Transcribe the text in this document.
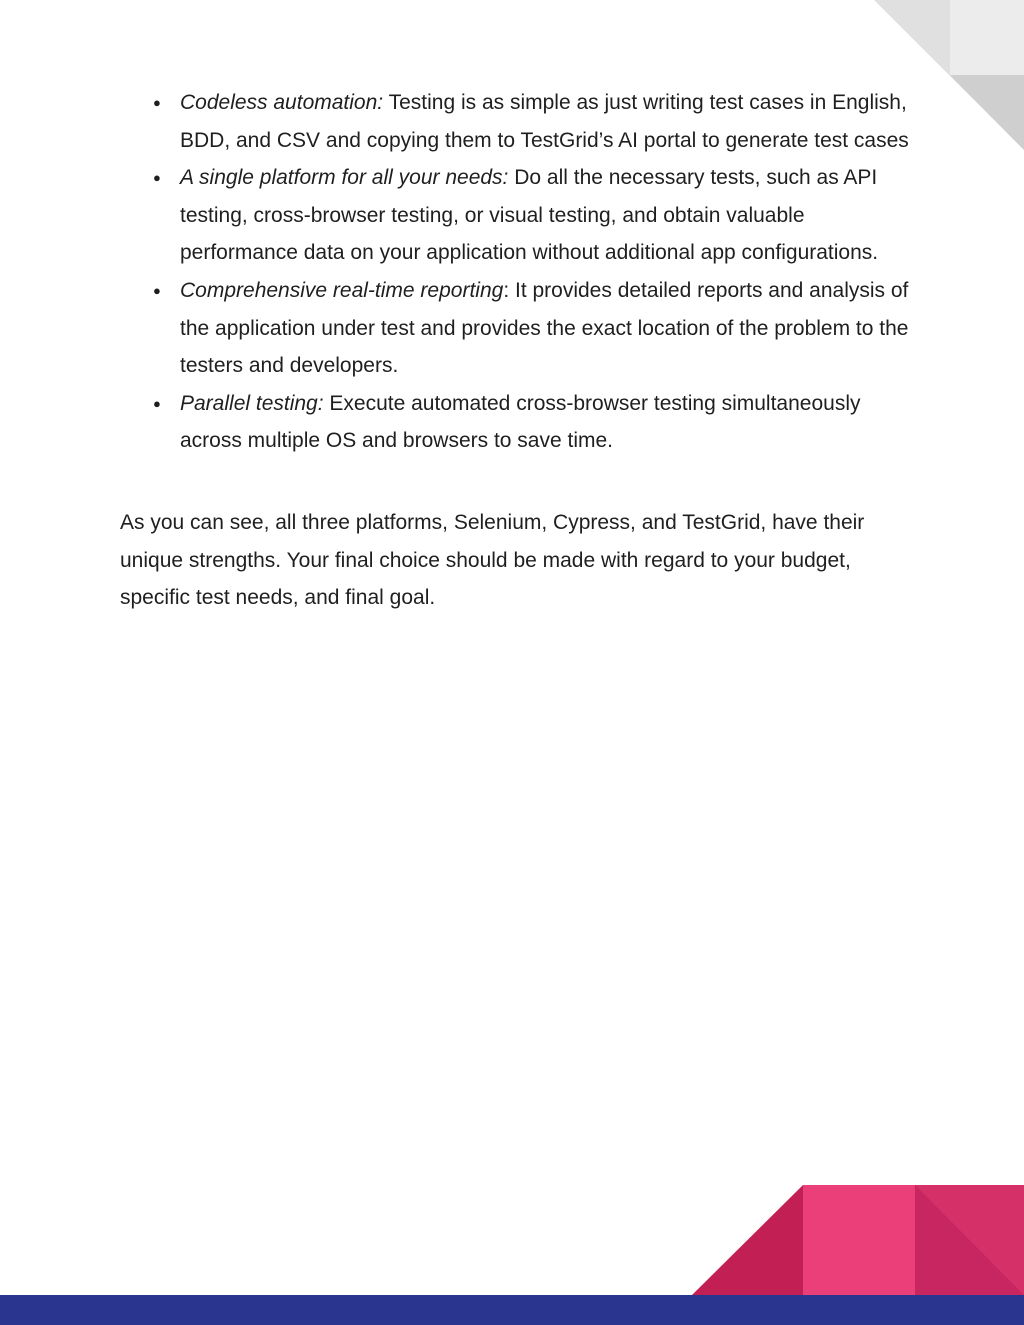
● Codeless automation: Testing is as simple as just writing test cases in English, BDD, and CSV and copying them to TestGrid’s AI portal to generate test cases
● A single platform for all your needs: Do all the necessary tests, such as API testing, cross-browser testing, or visual testing, and obtain valuable performance data on your application without additional app configurations.
● Comprehensive real-time reporting: It provides detailed reports and analysis of the application under test and provides the exact location of the problem to the testers and developers.
● Parallel testing: Execute automated cross-browser testing simultaneously across multiple OS and browsers to save time.

As you can see, all three platforms, Selenium, Cypress, and TestGrid, have their unique strengths. Your final choice should be made with regard to your budget, specific test needs, and final goal.
